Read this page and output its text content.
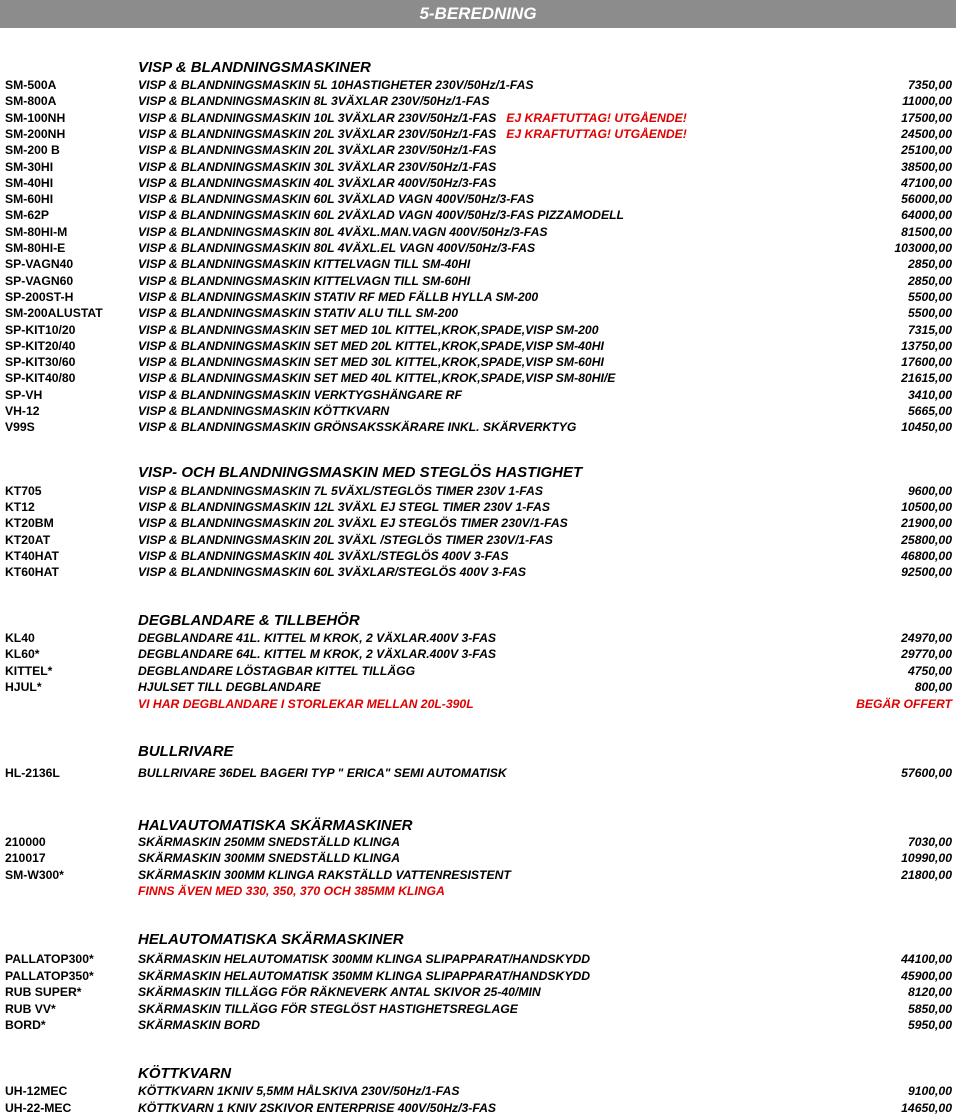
5-BEREDNING
VISP & BLANDNINGSMASKINER
SM-500A	VISP & BLANDNINGSMASKIN 5L 10HASTIGHETER 230V/50Hz/1-FAS	7350,00
SM-800A	VISP & BLANDNINGSMASKIN 8L 3VÄXLAR 230V/50Hz/1-FAS	11000,00
SM-100NH	VISP & BLANDNINGSMASKIN 10L 3VÄXLAR 230V/50Hz/1-FAS EJ KRAFTUTTAG! UTGÅENDE!	17500,00
SM-200NH	VISP & BLANDNINGSMASKIN 20L 3VÄXLAR 230V/50Hz/1-FAS EJ KRAFTUTTAG! UTGÅENDE!	24500,00
SM-200 B	VISP & BLANDNINGSMASKIN 20L 3VÄXLAR 230V/50Hz/1-FAS	25100,00
SM-30HI	VISP & BLANDNINGSMASKIN 30L 3VÄXLAR 230V/50Hz/1-FAS	38500,00
SM-40HI	VISP & BLANDNINGSMASKIN 40L 3VÄXLAR 400V/50Hz/3-FAS	47100,00
SM-60HI	VISP & BLANDNINGSMASKIN 60L 3VÄXLAD VAGN 400V/50Hz/3-FAS	56000,00
SM-62P	VISP & BLANDNINGSMASKIN 60L 2VÄXLAD VAGN 400V/50Hz/3-FAS PIZZAMODELL	64000,00
SM-80HI-M	VISP & BLANDNINGSMASKIN 80L 4VÄXL.MAN.VAGN 400V/50Hz/3-FAS	81500,00
SM-80HI-E	VISP & BLANDNINGSMASKIN 80L 4VÄXL.EL VAGN 400V/50Hz/3-FAS	103000,00
SP-VAGN40	VISP & BLANDNINGSMASKIN KITTELVAGN TILL SM-40HI	2850,00
SP-VAGN60	VISP & BLANDNINGSMASKIN KITTELVAGN TILL SM-60HI	2850,00
SP-200ST-H	VISP & BLANDNINGSMASKIN STATIV RF MED FÄLLB HYLLA SM-200	5500,00
SM-200ALUSTAT	VISP & BLANDNINGSMASKIN STATIV ALU TILL SM-200	5500,00
SP-KIT10/20	VISP & BLANDNINGSMASKIN SET MED 10L KITTEL,KROK,SPADE,VISP SM-200	7315,00
SP-KIT20/40	VISP & BLANDNINGSMASKIN SET MED 20L KITTEL,KROK,SPADE,VISP SM-40HI	13750,00
SP-KIT30/60	VISP & BLANDNINGSMASKIN SET MED 30L KITTEL,KROK,SPADE,VISP SM-60HI	17600,00
SP-KIT40/80	VISP & BLANDNINGSMASKIN SET MED 40L KITTEL,KROK,SPADE,VISP SM-80HI/E	21615,00
SP-VH	VISP & BLANDNINGSMASKIN VERKTYGSHÄNGARE RF	3410,00
VH-12	VISP & BLANDNINGSMASKIN KÖTTKVARN	5665,00
V99S	VISP & BLANDNINGSMASKIN GRÖNSAKSSKÄRARE INKL. SKÄRVERKTYG	10450,00
VISP- OCH BLANDNINGSMASKIN MED STEGLÖS HASTIGHET
KT705	VISP & BLANDNINGSMASKIN 7L 5VÄXL/STEGLÖS TIMER 230V 1-FAS	9600,00
KT12	VISP & BLANDNINGSMASKIN 12L 3VÄXL EJ STEGL TIMER 230V 1-FAS	10500,00
KT20BM	VISP & BLANDNINGSMASKIN 20L 3VÄXL EJ STEGLÖS TIMER 230V/1-FAS	21900,00
KT20AT	VISP & BLANDNINGSMASKIN 20L 3VÄXL /STEGLÖS TIMER 230V/1-FAS	25800,00
KT40HAT	VISP & BLANDNINGSMASKIN 40L 3VÄXL/STEGLÖS 400V 3-FAS	46800,00
KT60HAT	VISP & BLANDNINGSMASKIN 60L 3VÄXLAR/STEGLÖS 400V 3-FAS	92500,00
DEGBLANDARE & TILLBEHÖR
KL40	DEGBLANDARE 41L. KITTEL M KROK, 2 VÄXLAR.400V 3-FAS	24970,00
KL60*	DEGBLANDARE 64L. KITTEL M KROK, 2 VÄXLAR.400V 3-FAS	29770,00
KITTEL*	DEGBLANDARE LÖSTAGBAR KITTEL TILLÄGG	4750,00
HJUL*	HJULSET TILL DEGBLANDARE	800,00
VI HAR DEGBLANDARE I STORLEKAR MELLAN 20L-390L	BEGÄR OFFERT
BULLRIVARE
HL-2136L	BULLRIVARE 36DEL BAGERI TYP " ERICA" SEMI AUTOMATISK	57600,00
HALVAUTOMATISKA SKÄRMASKINER
210000	SKÄRMASKIN 250MM SNEDSTÄLLD KLINGA	7030,00
210017	SKÄRMASKIN 300MM SNEDSTÄLLD KLINGA	10990,00
SM-W300*	SKÄRMASKIN 300MM KLINGA RAKSTÄLLD VATTENRESISTENT	21800,00
FINNS ÄVEN MED 330, 350, 370 OCH 385MM KLINGA
HELAUTOMATISKA SKÄRMASKINER
PALLATOP300*	SKÄRMASKIN HELAUTOMATISK 300MM KLINGA SLIPAPPARAT/HANDSKYDD	44100,00
PALLATOP350*	SKÄRMASKIN HELAUTOMATISK 350MM KLINGA SLIPAPPARAT/HANDSKYDD	45900,00
RUB SUPER*	SKÄRMASKIN TILLÄGG FÖR RÄKNEVERK ANTAL SKIVOR 25-40/MIN	8120,00
RUB VV*	SKÄRMASKIN TILLÄGG FÖR STEGLÖST HASTIGHETSREGLAGE	5850,00
BORD*	SKÄRMASKIN BORD	5950,00
KÖTTKVARN
UH-12MEC	KÖTTKVARN 1KNIV 5,5MM HÅLSKIVA 230V/50Hz/1-FAS	9100,00
UH-22-MEC	KÖTTKVARN 1 KNIV 2SKIVOR ENTERPRISE 400V/50Hz/3-FAS	14650,00
